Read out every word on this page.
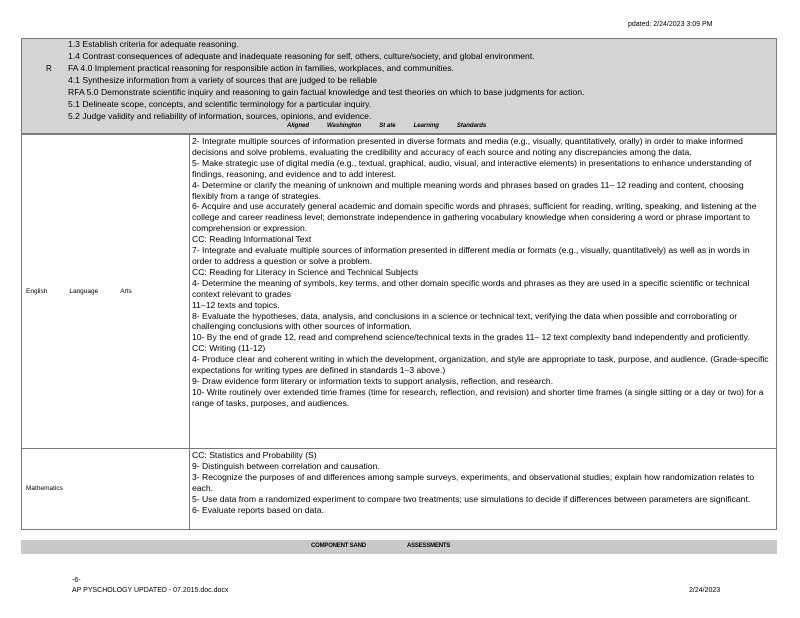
pdated: 2/24/2023 3:09 PM
1.3 Establish criteria for adequate reasoning.
1.4 Contrast consequences of adequate and inadequate reasoning for self, others, culture/society, and global environment.
R FA 4.0 Implement practical reasoning for responsible action in families, workplaces, and communities.
4.1 Synthesize information from a variety of sources that are judged to be reliable
RFA 5.0 Demonstrate scientific inquiry and reasoning to gain factual knowledge and test theories on which to base judgments for action.
5.1 Delineate scope, concepts, and scientific terminology for a particular inquiry.
5.2 Judge validity and reliability of information, sources, opinions, and evidence.
Aligned	Washington	St ate	Learning	Standards
English	Language	Arts
2- Integrate multiple sources of information presented in diverse formats and media (e.g., visually, quantitatively, orally) in order to make informed decisions and solve problems, evaluating the credibility and accuracy of each source and noting any discrepancies among the data.
5- Make strategic use of digital media (e.g., textual, graphical, audio, visual, and interactive elements) in presentations to enhance understanding of findings, reasoning, and evidence and to add interest.
4- Determine or clarify the meaning of unknown and multiple meaning words and phrases based on grades 11– 12 reading and content, choosing flexibly from a range of strategies.
6- Acquire and use accurately general academic and domain specific words and phrases, sufficient for reading, writing, speaking, and listening at the college and career readiness level; demonstrate independence in gathering vocabulary knowledge when considering a word or phrase important to comprehension or expression.
CC: Reading Informational Text
7- Integrate and evaluate multiple sources of information presented in different media or formats (e.g., visually, quantitatively) as well as in words in order to address a question or solve a problem.
CC: Reading for Literacy in Science and Technical Subjects
4- Determine the meaning of symbols, key terms, and other domain specific words and phrases as they are used in a specific scientific or technical context relevant to grades
11–12 texts and topics.
8- Evaluate the hypotheses, data, analysis, and conclusions in a science or technical text, verifying the data when possible and corroborating or challenging conclusions with other sources of information.
10- By the end of grade 12, read and comprehend science/technical texts in the grades 11– 12 text complexity band independently and proficiently.
CC: Writing (11-12)
4- Produce clear and coherent writing in which the development, organization, and style are appropriate to task, purpose, and audience. (Grade-specific expectations for writing types are defined in standards 1–3 above.)
9- Draw evidence form literary or information texts to support analysis, reflection, and research.
10- Write routinely over extended time frames (time for research, reflection, and revision) and shorter time frames (a single sitting or a day or two) for a range of tasks, purposes, and audiences.
Mathematics
CC: Statistics and Probability (S)
9- Distinguish between correlation and causation.
3- Recognize the purposes of and differences among sample surveys, experiments, and observational studies; explain how randomization relates to each.
5- Use data from a randomized experiment to compare two treatments; use simulations to decide if differences between parameters are significant.
6- Evaluate reports based on data.
COMPONENT SAND	ASSESSMENTS
-6-
AP PYSCHOLOGY UPDATED - 07.2015.doc.docx	2/24/2023
